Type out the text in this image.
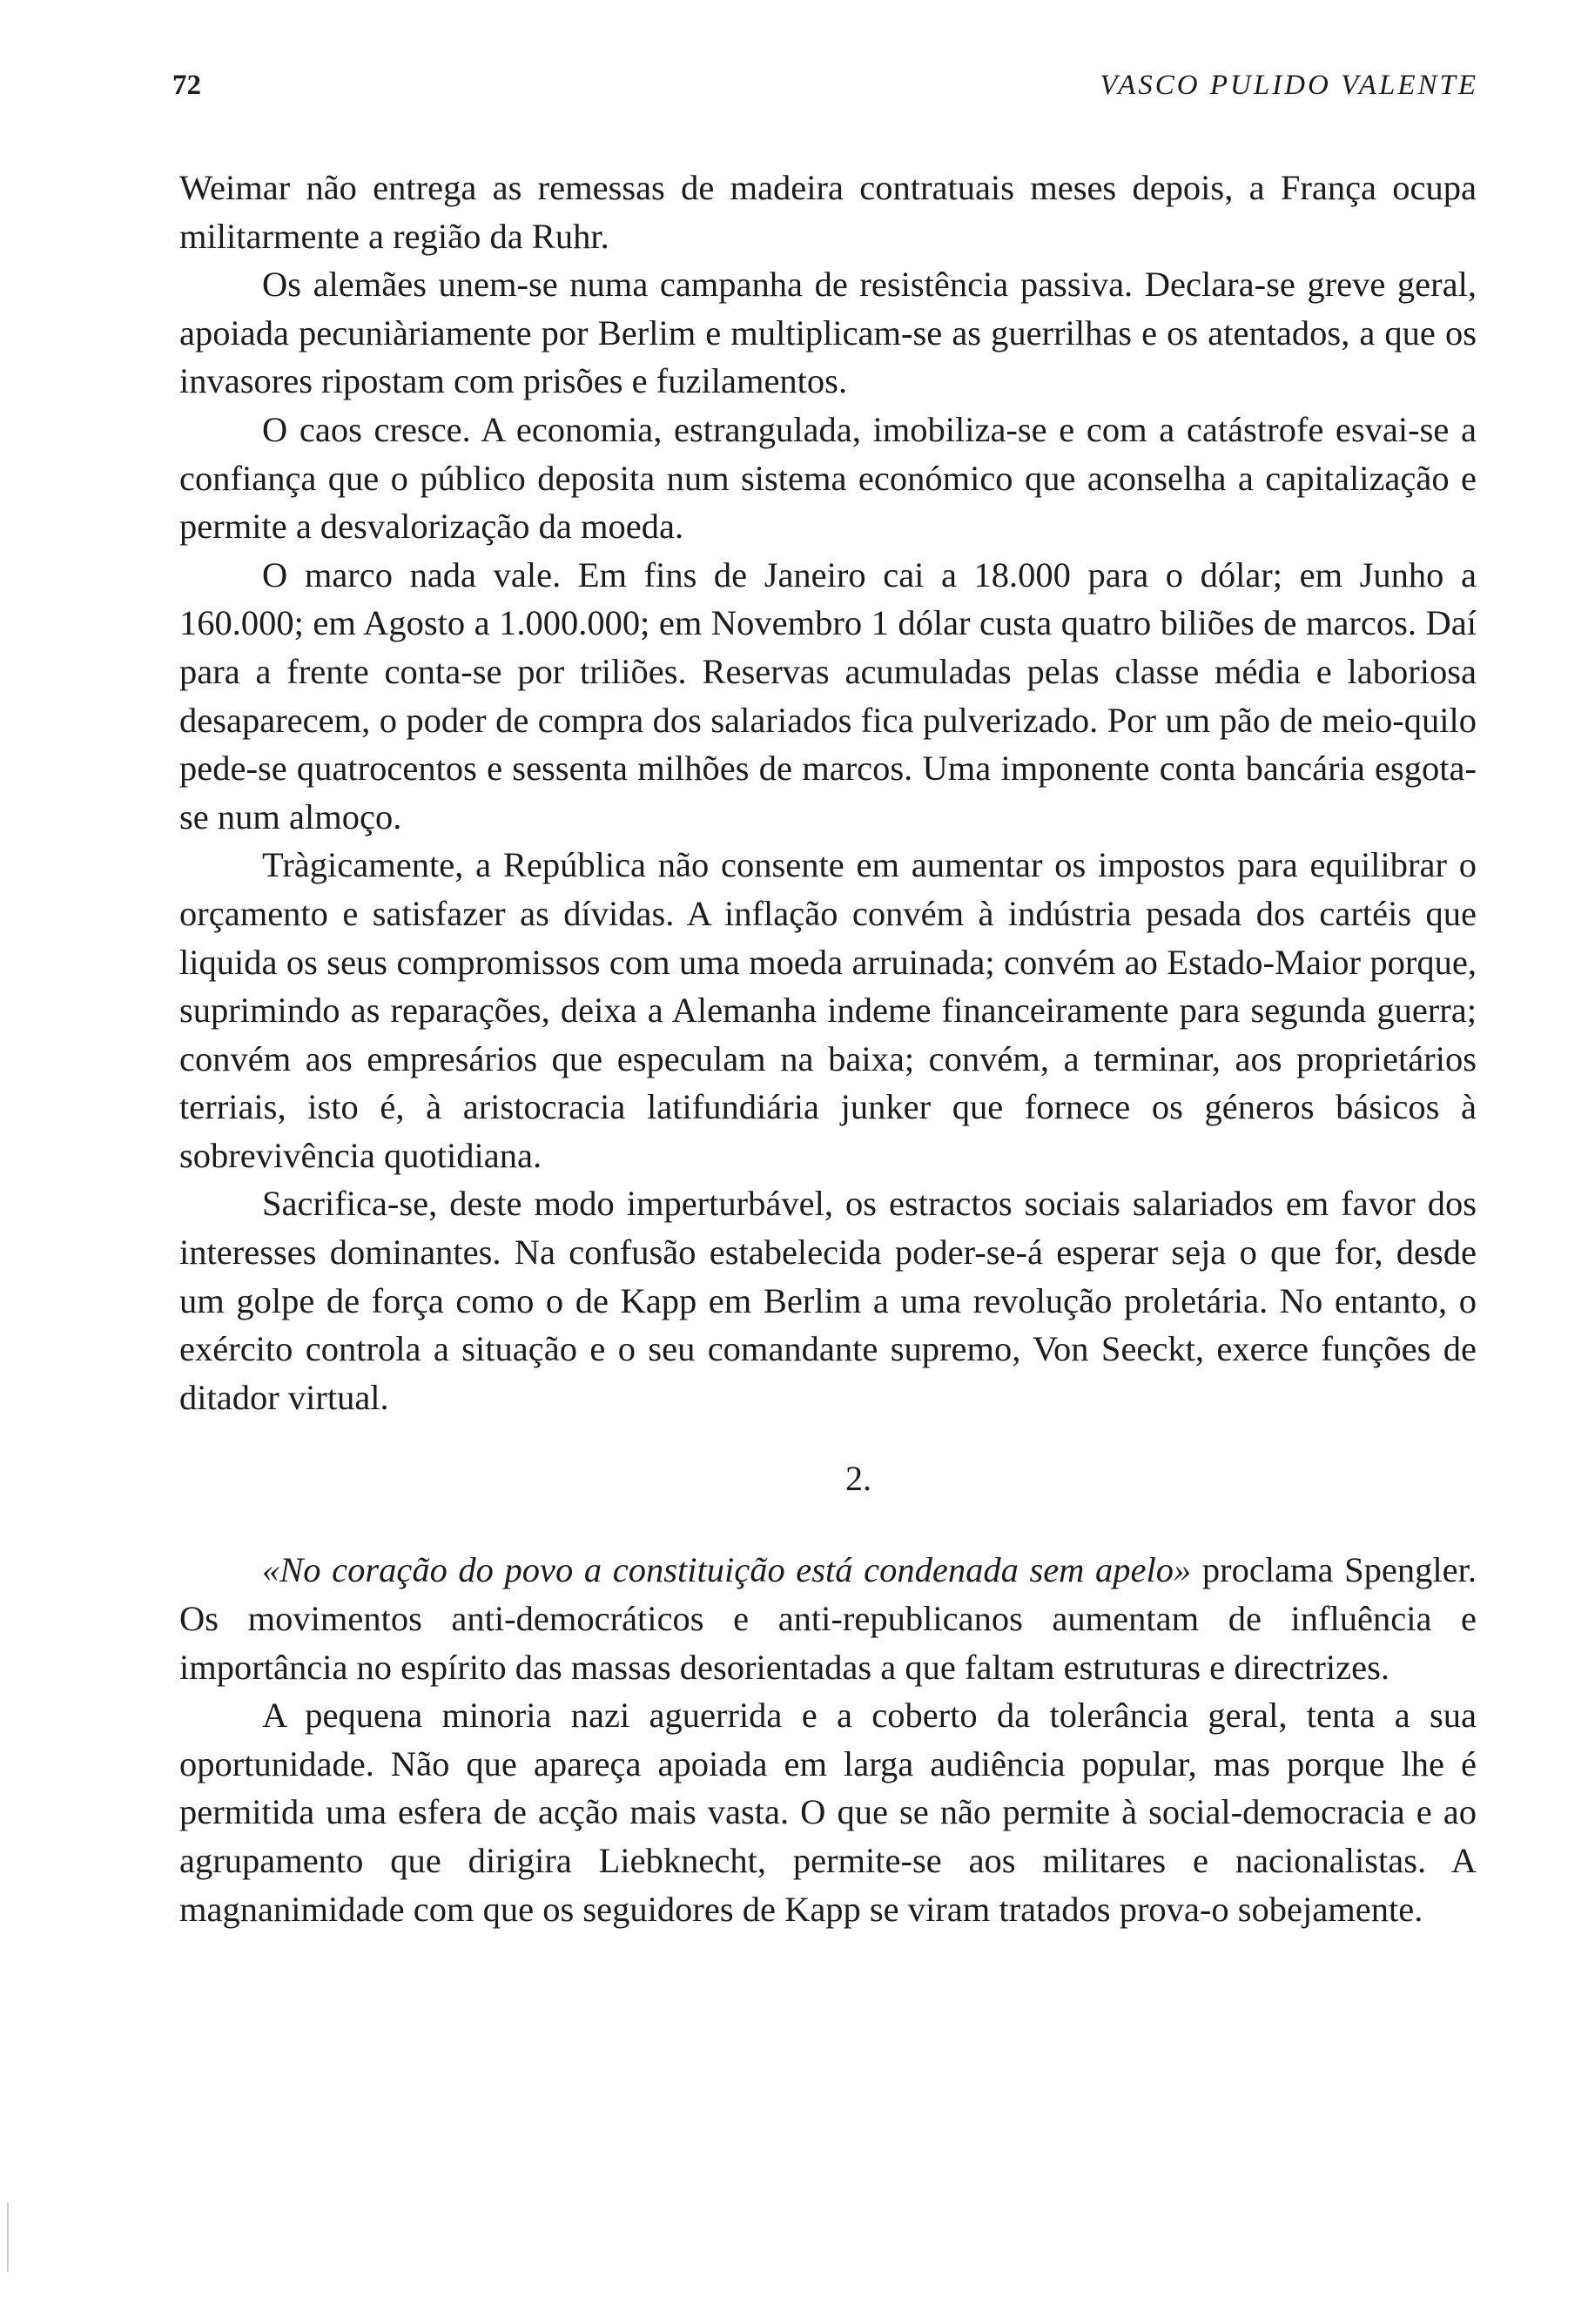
72	VASCO PULIDO VALENTE

Weimar não entrega as remessas de madeira contratuais meses depois, a França ocupa militarmente a região da Ruhr.

Os alemães unem-se numa campanha de resistência passiva. Declara-se greve geral, apoiada pecuniàriamente por Berlim e multiplicam-se as guerrilhas e os atentados, a que os invasores ripostam com prisões e fuzilamentos.

O caos cresce. A economia, estrangulada, imobiliza-se e com a catástrofe esvai-se a confiança que o público deposita num sistema económico que aconselha a capitalização e permite a desvalorização da moeda.

O marco nada vale. Em fins de Janeiro cai a 18.000 para o dólar; em Junho a 160.000; em Agosto a 1.000.000; em Novembro 1 dólar custa quatro biliões de marcos. Daí para a frente conta-se por triliões. Reservas acumuladas pelas classe média e laboriosa desaparecem, o poder de compra dos salariados fica pulverizado. Por um pão de meio-quilo pede-se quatrocentos e sessenta milhões de marcos. Uma imponente conta bancária esgota-se num almoço.

Tràgicamente, a República não consente em aumentar os impostos para equilibrar o orçamento e satisfazer as dívidas. A inflação convém à indústria pesada dos cartéis que liquida os seus compromissos com uma moeda arruinada; convém ao Estado-Maior porque, suprimindo as reparações, deixa a Alemanha indeme financeiramente para segunda guerra; convém aos empresários que especulam na baixa; convém, a terminar, aos proprietários terriais, isto é, à aristocracia latifundiária junker que fornece os géneros básicos à sobrevivência quotidiana.

Sacrifica-se, deste modo imperturbável, os estractos sociais salariados em favor dos interesses dominantes. Na confusão estabelecida poder-se-á esperar seja o que for, desde um golpe de força como o de Kapp em Berlim a uma revolução proletária. No entanto, o exército controla a situação e o seu comandante supremo, Von Seeckt, exerce funções de ditador virtual.

2.

«No coração do povo a constituição está condenada sem apelo» proclama Spengler. Os movimentos anti-democráticos e anti-republicanos aumentam de influência e importância no espírito das massas desorientadas a que faltam estruturas e directrizes.

A pequena minoria nazi aguerrida e a coberto da tolerância geral, tenta a sua oportunidade. Não que apareça apoiada em larga audiência popular, mas porque lhe é permitida uma esfera de acção mais vasta. O que se não permite à social-democracia e ao agrupamento que dirigira Liebknecht, permite-se aos militares e nacionalistas. A magnanimidade com que os seguidores de Kapp se viram tratados prova-o sobejamente.
